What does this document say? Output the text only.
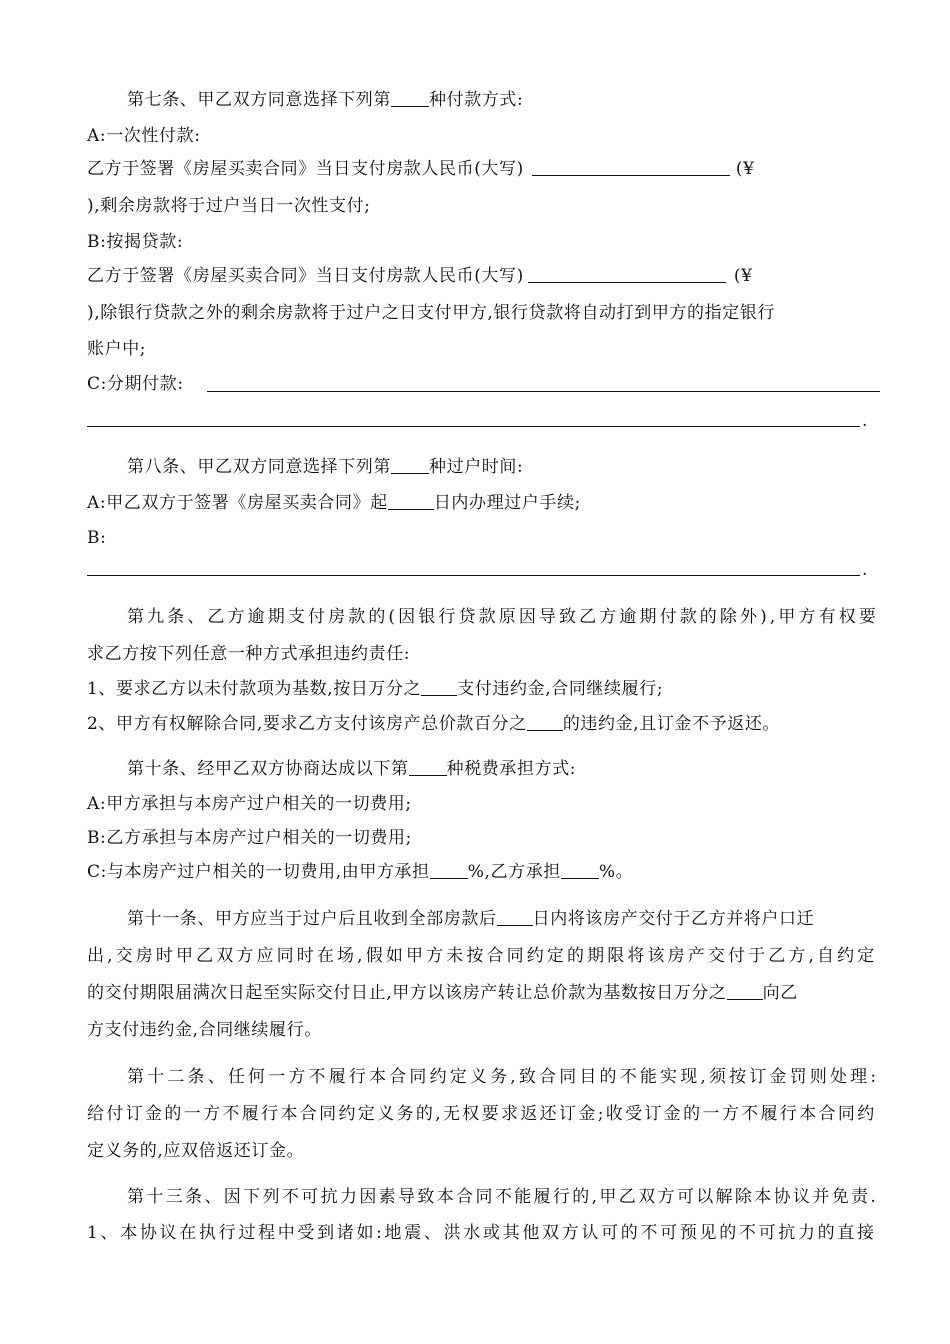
第七条、甲乙双方同意选择下列第 种付款方式:
A:一次性付款:
乙方于签署《房屋买卖合同》当日支付房款人民币(大写)	(¥
),剩余房款将于过户当日一次性支付;
B:按揭贷款:
乙方于签署《房屋买卖合同》当日支付房款人民币(大写)	(¥
),除银行贷款之外的剩余房款将于过户之日支付甲方,银行贷款将自动打到甲方的指定银行
账户中;
C:分期付款:
.
第八条、甲乙双方同意选择下列第 种过户时间:
A:甲乙双方于签署《房屋买卖合同》起	日内办理过户手续;
B:
.
第 九 条 、 乙 方 逾 期 支 付 房 款 的 ( 因 银 行 贷 款 原 因 导 致 乙 方 逾 期 付 款 的 除 外 ) , 甲 方 有 权 要
求乙方按下列任意一种方式承担违约责任:
1、要求乙方以未付款项为基数,按日万分之 支付违约金,合同继续履行;
2、甲方有权解除合同,要求乙方支付该房产总价款百分之 的违约金,且订金不予返还。
第十条、经甲乙双方协商达成以下第 种税费承担方式:
A:甲方承担与本房产过户相关的一切费用;
B:乙方承担与本房产过户相关的一切费用;
C:与本房产过户相关的一切费用,由甲方承担 %,乙方承担 %。
第十一条、甲方应当于过户后且收到全部房款后 日内将该房产交付于乙方并将户口迁
出 , 交 房 时 甲 乙 双 方 应 同 时 在 场 , 假 如 甲 方 未 按 合 同 约 定 的 期 限 将 该 房 产 交 付 于 乙 方 , 自 约 定
的交付期限届满次日起至实际交付日止,甲方以该房产转让总价款为基数按日万分之 向乙
方支付违约金,合同继续履行。
第 十 二 条 、 任 何 一 方 不 履 行 本 合 同 约 定 义 务 , 致 合 同 目 的 不 能 实 现 , 须 按 订 金 罚 则 处 理 :
给 付 订 金 的 一 方 不 履 行 本 合 同 约 定 义 务 的 , 无 权 要 求 返 还 订 金 ; 收 受 订 金 的 一 方 不 履 行 本 合 同 约
定义务的,应双倍返还订金。
第 十 三 条 、 因 下 列 不 可 抗 力 因 素 导 致 本 合 同 不 能 履 行 的 , 甲 乙 双 方 可 以 解 除 本 协 议 并 免 责 .
1 、 本 协 议 在 执 行 过 程 中 受 到 诸 如 : 地 震 、 洪 水 或 其 他 双 方 认 可 的 不 可 预 见 的 不 可 抗 力 的 直 接
